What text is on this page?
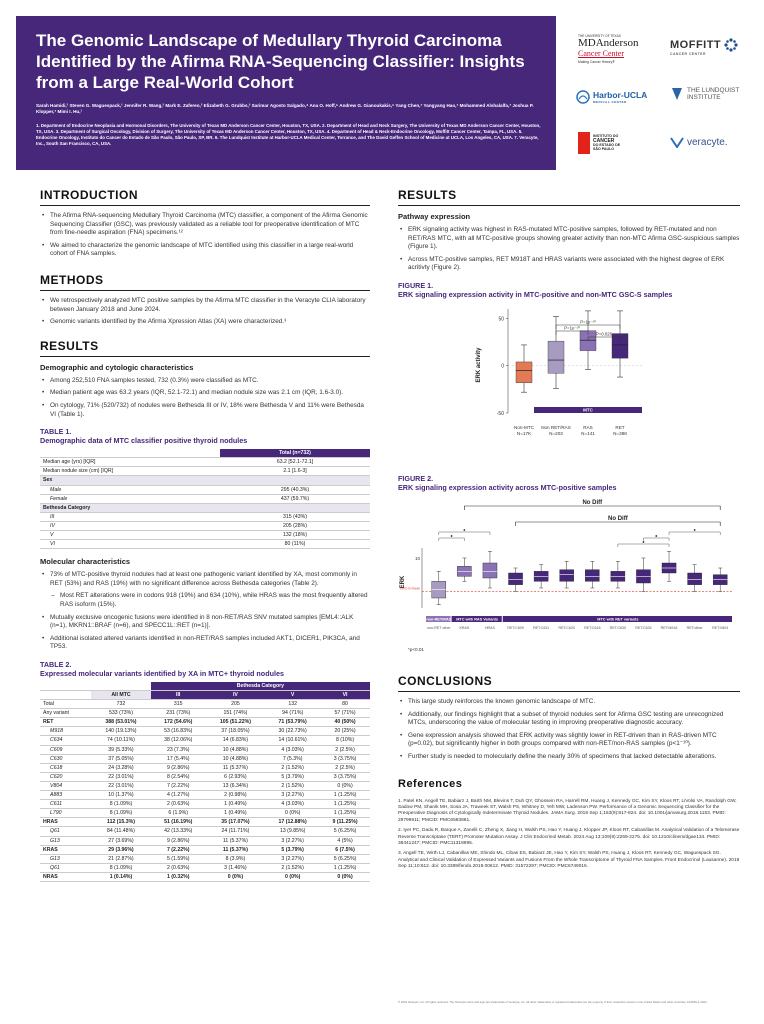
The Genomic Landscape of Medullary Thyroid Carcinoma Identified by the Afirma RNA-Sequencing Classifier: Insights from a Large Real-World Cohort
Sarah Hamidi,¹ Steven G. Waguespack,¹ Jennifer R. Wang,² Mark E. Zafereo,² Elizabeth G. Grubbs,³ Sarimar Agosto Salgado,⁴ Ana O. Hoff,⁵ Andrew G. Gianoukakis,⁶ Yang Chen,⁷ Yangyang Hao,⁷ Mohammed Alshalalfa,⁷ Joshua P. Klopper,⁷ Mimi I. Hu,¹
1. Department of Endocrine Neoplasia and Hormonal Disorders, The University of Texas MD Anderson Cancer Center, Houston, TX, USA. 2. Department of Head and Neck Surgery, The University of Texas MD Anderson Cancer Center, Houston, TX, USA. 3. Department of Surgical Oncology, Division of Surgery, The University of Texas MD Anderson Cancer Center, Houston, TX, USA. 4. Department of Head & Neck-Endocrine Oncology, Moffitt Cancer Center, Tampa, FL, USA. 5. Endocrine Oncology, Instituto do Cancer do Estado de São Paulo, São Paulo, SP, BR. 6. The Lundquist Institute at Harbor-UCLA Medical Center, Torrance, and The David Geffen School of Medicine at UCLA, Los Angeles, CA, USA. 7. Veracyte, Inc., South San Francisco, CA, USA.
THE UNIVERSITY OF TEXAS
MDAnderson
Cancer Center
Making Cancer History®
MOFFITT
CANCER CENTER
Harbor-UCLA
MEDICAL CENTER
THE LUNDQUIST
INSTITUTE
INSTITUTO DO
CANCER
DO ESTADO DE
SÃO PAULO
veracyte.
INTRODUCTION
• The Afirma RNA-sequencing Medullary Thyroid Carcinoma (MTC) classifier, a component of the Afirma Genomic Sequencing Classifier (GSC), was previously validated as a reliable tool for preoperative identification of MTC from fine-needle aspiration (FNA) specimens.¹²
• We aimed to characterize the genomic landscape of MTC identified using this classifier in a large real-world cohort of FNA samples.
METHODS
• We retrospectively analyzed MTC positive samples by the Afirma MTC classifier in the Veracyte CLIA laboratory between January 2018 and June 2024.
• Genomic variants identified by the Afirma Xpression Atlas (XA) were characterized.³
RESULTS
Demographic and cytologic characteristics
• Among 252,510 FNA samples tested, 732 (0.3%) were classified as MTC.
• Median patient age was 63.2 years (IQR, 52.1-72.1) and median nodule size was 2.1 cm (IQR, 1.6-3.0).
• On cytology, 71% (520/732) of nodules were Bethesda III or IV, 18% were Bethesda V and 11% were Bethesda VI (Table 1).
TABLE 1.
Demographic data of MTC classifier positive thyroid nodules
	Total (n=732)
Median age (yrs) [IQR]	63.2 [52.1-72.1]
Median nodule size (cm) [IQR]	2.1 [1.6-3]
Sex	
Male	295 (40.3%)
Female	437 (59.7%)
Bethesda Category	
III	315 (43%)
IV	205 (28%)
V	132 (18%)
VI	80 (11%)
Molecular characteristics
• 73% of MTC-positive thyroid nodules had at least one pathogenic variant identified by XA, most commonly in RET (53%) and RAS (19%) with no significant difference across Bethesda categories (Table 2).
– Most RET alterations were in codons 918 (19%) and 634 (10%), while HRAS was the most frequently altered RAS isoform (15%).
• Mutually exclusive oncogenic fusions were identified in 8 non-RET/RAS SNV mutated samples [EML4::ALK (n=1), MKRN1::BRAF (n=6), and SPECC1L::RET (n=1)].
• Additional isolated altered variants identified in non-RET/RAS samples included AKT1, DICER1, PIK3CA, and TP53.
TABLE 2.
Expressed molecular variants identified by XA in MTC+ thyroid nodules
		Bethesda Category			
	All MTC	III	IV	V	VI
Total	732	315	205	132	80
Any variant	533 (73%)	231 (73%)	151 (74%)	94 (71%)	57 (71%)
RET	388 (53.01%)	172 (54.6%)	105 (51.22%)	71 (53.79%)	40 (50%)
M918	140 (19.13%)	53 (16.83%)	37 (18.05%)	30 (22.73%)	20 (25%)
C634	74 (10.11%)	38 (12.06%)	14 (6.83%)	14 (10.61%)	8 (10%)
C609	39 (5.33%)	23 (7.3%)	10 (4.88%)	4 (3.03%)	2 (2.5%)
C630	37 (5.05%)	17 (5.4%)	10 (4.88%)	7 (5.3%)	3 (3.75%)
C618	24 (3.28%)	9 (2.86%)	11 (5.37%)	2 (1.52%)	2 (2.5%)
C620	22 (3.01%)	8 (2.54%)	6 (2.93%)	5 (3.79%)	3 (3.75%)
V804	22 (3.01%)	7 (2.22%)	13 (6.34%)	2 (1.52%)	0 (0%)
A883	10 (1.37%)	4 (1.27%)	2 (0.98%)	3 (2.27%)	1 (1.25%)
C611	8 (1.09%)	2 (0.63%)	1 (0.49%)	4 (3.03%)	1 (1.25%)
L790	8 (1.09%)	6 (1.9%)	1 (0.49%)	0 (0%)	1 (1.25%)
HRAS	112 (15.3%)	51 (16.19%)	35 (17.07%)	17 (12.88%)	9 (11.25%)
Q61	84 (11.48%)	42 (13.33%)	24 (11.71%)	13 (9.85%)	5 (6.25%)
G13	27 (3.69%)	9 (2.86%)	11 (5.37%)	3 (2.27%)	4 (5%)
KRAS	29 (3.96%)	7 (2.22%)	11 (5.37%)	5 (3.79%)	6 (7.5%)
G13	21 (2.87%)	5 (1.59%)	8 (3.9%)	3 (2.27%)	5 (6.25%)
Q61	8 (1.09%)	2 (0.63%)	3 (1.46%)	2 (1.52%)	1 (1.25%)
NRAS	1 (0.14%)	1 (0.32%)	0 (0%)	0 (0%)	0 (0%)
RESULTS
Pathway expression
• ERK signaling activity was highest in RAS-mutated MTC-positive samples, followed by RET-mutated and non RET/RAS MTC, with all MTC-positive groups showing greater activity than non-MTC Afirma GSC-suspicious samples (Figure 1).
• Across MTC-positive samples, RET M918T and HRAS variants were associated with the highest degree of ERK acritivty (Figure 2).
FIGURE 1.
ERK signaling expression activity in MTC-positive and non-MTC GSC-S samples
ERK activity
50
0
-50
MTC
Non-MTC
N=17K
Non RET/RAS
N=203
RAS
N=141
RET
N=388
P=1e⁻¹⁰
P=1e⁻¹⁰
P=0.026
FIGURE 2.
ERK signaling expression activity across MTC-positive samples
ERK
10
GSC-S mean
non-RET/RAS MTC with RAS Variants	MTC with RET variants
non-RET other KRAS	HRAS	RET:C609	RET:C611	RET:C620	RET:C618	RET:C630	RET:C634 RET:M918	RET:other	RET:V804
No Diff
No Diff
*p<0.01
CONCLUSIONS
• This large study reinforces the known genomic landscape of MTC.
• Additionally, our findings highlight that a subset of thyroid nodules sent for Afirma GSC testing are unrecognized MTCs, underscoring the value of molecular testing in improving preoperative diagnostic accuracy.
• Gene expression analysis showed that ERK activity was slightly lower in RET-driven than in RAS-driven MTC (p=0.02), but significantly higher in both groups compared with non-RET/non-RAS samples (p<1⁻¹⁰).
• Further study is needed to molecularly define the nearly 30% of specimens that lacked detectable alterations.
References
1. Patel KN, Angell TE, Babiarz J, Barth NM, Blevins T, Duh QY, Ghossein RA, Harrell RM, Huang J, Kennedy GC, Kim SY, Kloos RT, LiVolsi VA, Randolph GW, Sadow PM, Shanik MH, Sosa JA, Traweek ST, Walsh PS, Whitney D, Yeh MW, Ladenson PW. Performance of a Genomic Sequencing Classifier for the Preoperative Diagnosis of Cytologically Indeterminate Thyroid Nodules. JAMA Surg. 2018 Sep 1;153(9):817-824. doi: 10.1001/jamasurg.2018.1153. PMID: 29799911; PMCID: PMC6583881.
2. Iyer PC, Dadu R, Barque A, Zanelli C, Zheng X, Jiang H, Walsh PS, Hao Y, Huang J, Klopper JP, Kloos RT, Cabanillas M. Analytical Validation of a Telomerase Reverse Transcriptase (TERT) Promoter Mutation Assay. J Clin Endocrinol Metab. 2024 Aug 13;109(9):2269-2275. doi: 10.1210/clinem/dgae134. PMID: 38441247; PMCID: PMC11318995.
3. Angell TE, Wirth LJ, Cabanillas ME, Shindo ML, Cibas ES, Babiarz JE, Hao Y, Kim SY, Walsh PS, Huang J, Kloos RT, Kennedy GC, Waguespack SG. Analytical and Clinical Validation of Expressed Variants and Fusions From the Whole Transcriptome of Thyroid FNA Samples. Front Endocrinol (Lausanne). 2019 Sep 11;10:612. doi: 10.3389/fendo.2019.00612. PMID: 31572297; PMCID: PMC6749016.
© 2024 Veracyte, Inc. All rights reserved. The Veracyte name and logo are trademarks of Veracyte, Inc. All other trademarks or registered trademarks are the property of their respective owners in the United States and other countries. AC2081-1-2024
